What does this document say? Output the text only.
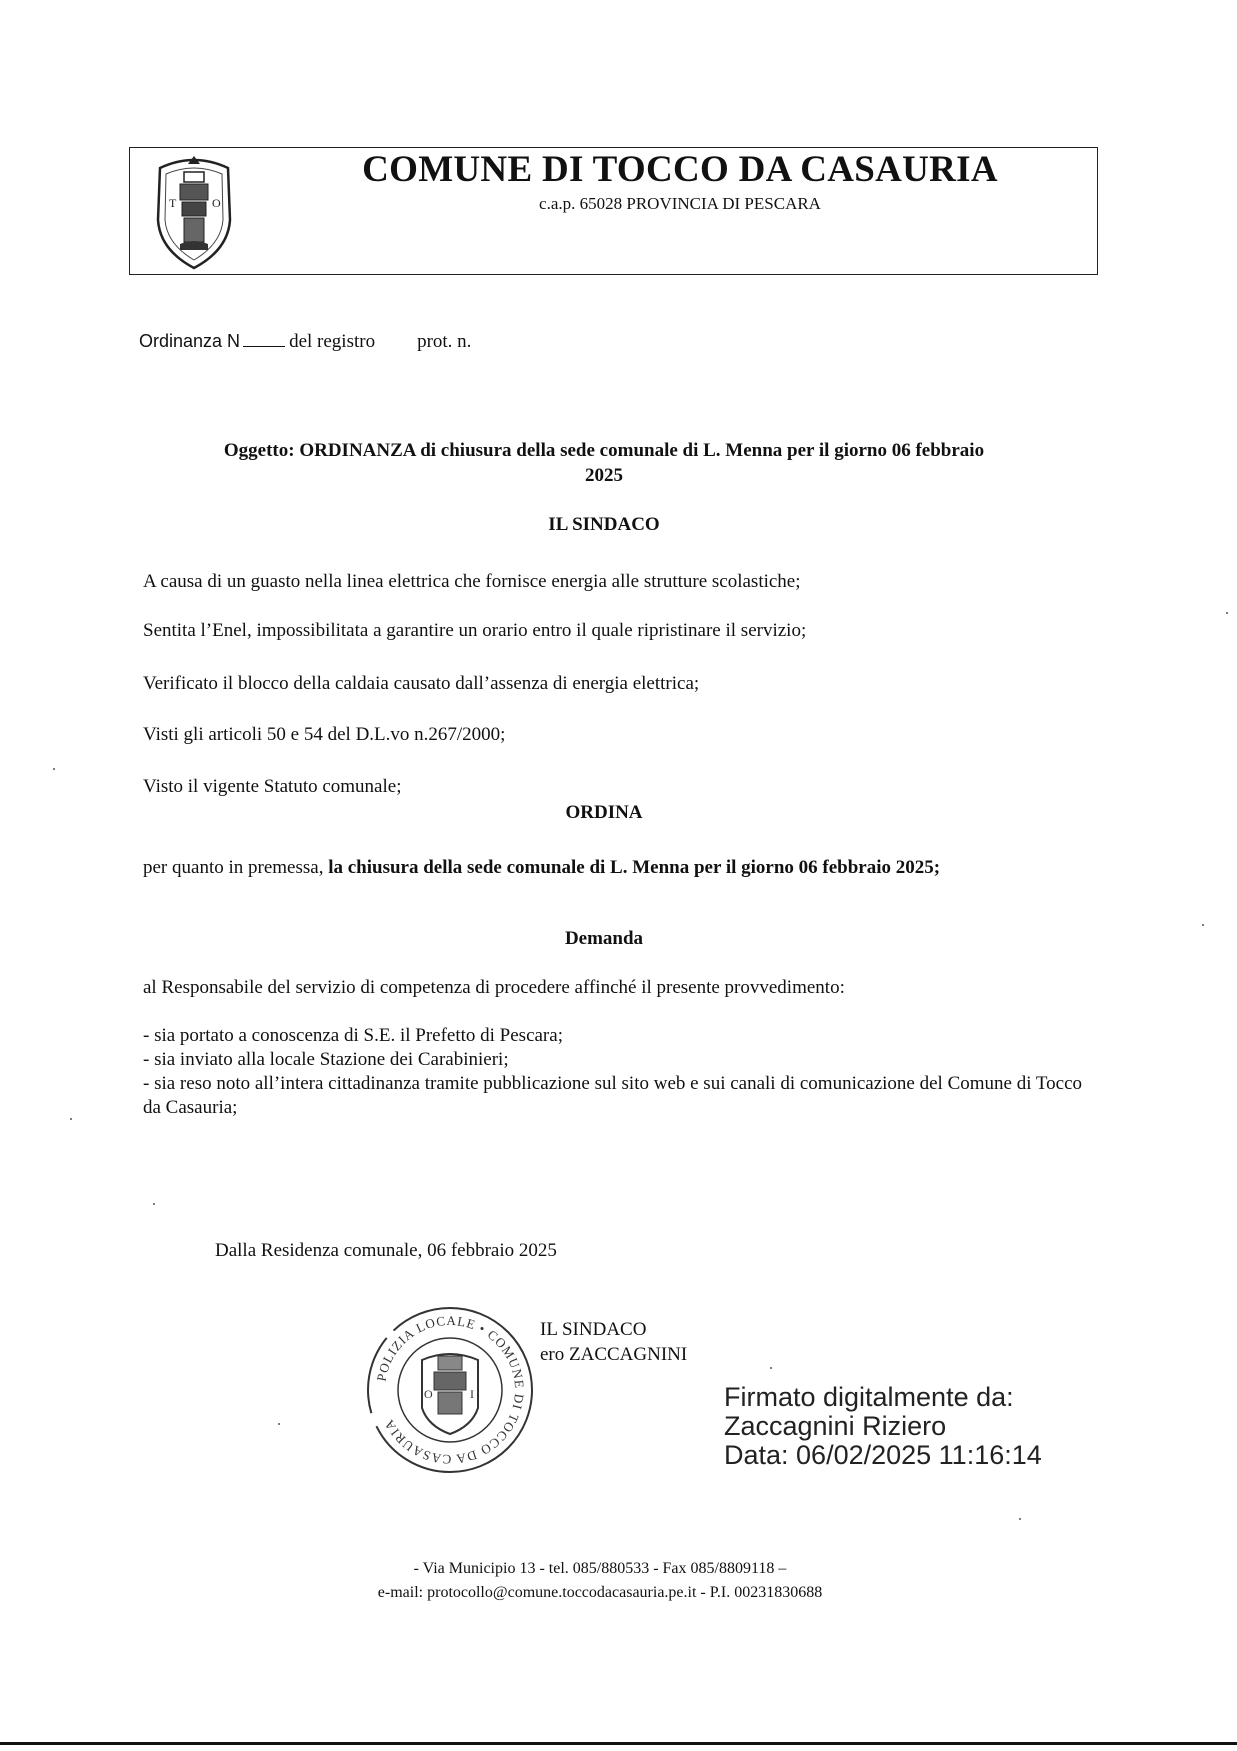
T	O
COMUNE DI TOCCO DA CASAURIA
c.a.p. 65028 PROVINCIA DI PESCARA
Ordinanza N	del registro prot. n.
Oggetto: ORDINANZA di chiusura della sede comunale di L. Menna per il giorno 06 febbraio
2025
IL SINDACO
A causa di un guasto nella linea elettrica che fornisce energia alle strutture scolastiche;
Sentita l’Enel, impossibilitata a garantire un orario entro il quale ripristinare il servizio;
Verificato il blocco della caldaia causato dall’assenza di energia elettrica;
Visti gli articoli 50 e 54 del D.L.vo n.267/2000;
Visto il vigente Statuto comunale;
ORDINA
per quanto in premessa, la chiusura della sede comunale di L. Menna per il giorno 06 febbraio 2025;
Demanda
al Responsabile del servizio di competenza di procedere affinché il presente provvedimento:
- sia portato a conoscenza di S.E. il Prefetto di Pescara;
- sia inviato alla locale Stazione dei Carabinieri;
- sia reso noto all’intera cittadinanza tramite pubblicazione sul sito web e sui canali di comunicazione del Comune di Tocco da Casauria;
Dalla Residenza comunale, 06 febbraio 2025
POLIZIA LOCALE • COMUNE DI TOCCO DA CASAURIA
O	I
IL SINDACO
ero ZACCAGNINI
Firmato digitalmente da:
Zaccagnini Riziero
Data: 06/02/2025 11:16:14
- Via Municipio 13 - tel. 085/880533 - Fax 085/8809118 –
e-mail: protocollo@comune.toccodacasauria.pe.it - P.I. 00231830688
